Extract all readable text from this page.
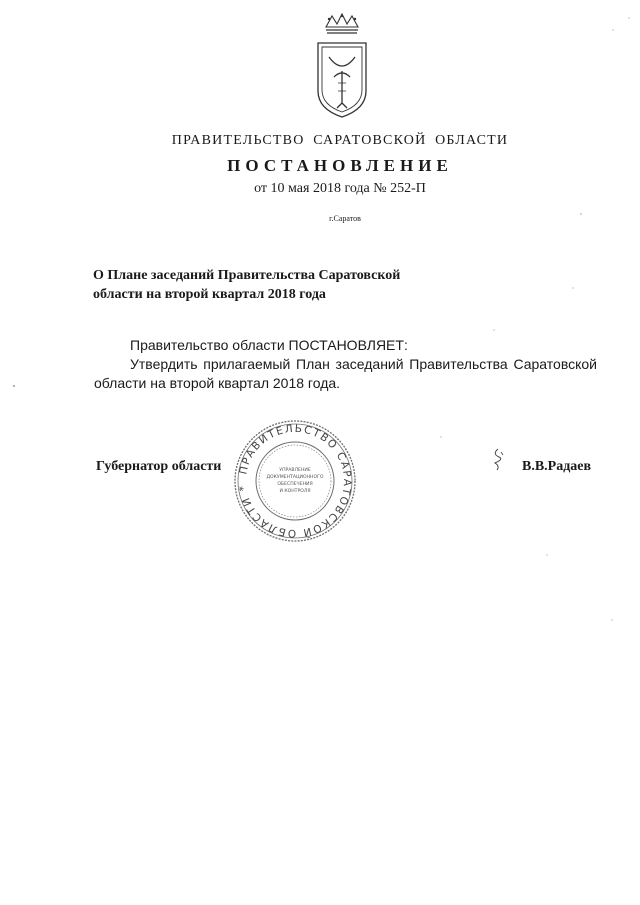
ПРАВИТЕЛЬСТВО САРАТОВСКОЙ ОБЛАСТИ
ПОСТАНОВЛЕНИЕ
от 10 мая 2018 года № 252-П
г.Саратов
О Плане заседаний Правительства Саратовской
области на второй квартал 2018 года

Правительство области ПОСТАНОВЛЯЕТ:

Утвердить прилагаемый План заседаний Правительства Саратовской области на второй квартал 2018 года.

Губернатор области	В.В.Радаев
ПРАВИТЕЛЬСТВО САРАТОВСКОЙ ОБЛАСТИ *
УПРАВЛЕНИЕ
ДОКУМЕНТАЦИОННОГО
ОБЕСПЕЧЕНИЯ
И КОНТРОЛЯ
